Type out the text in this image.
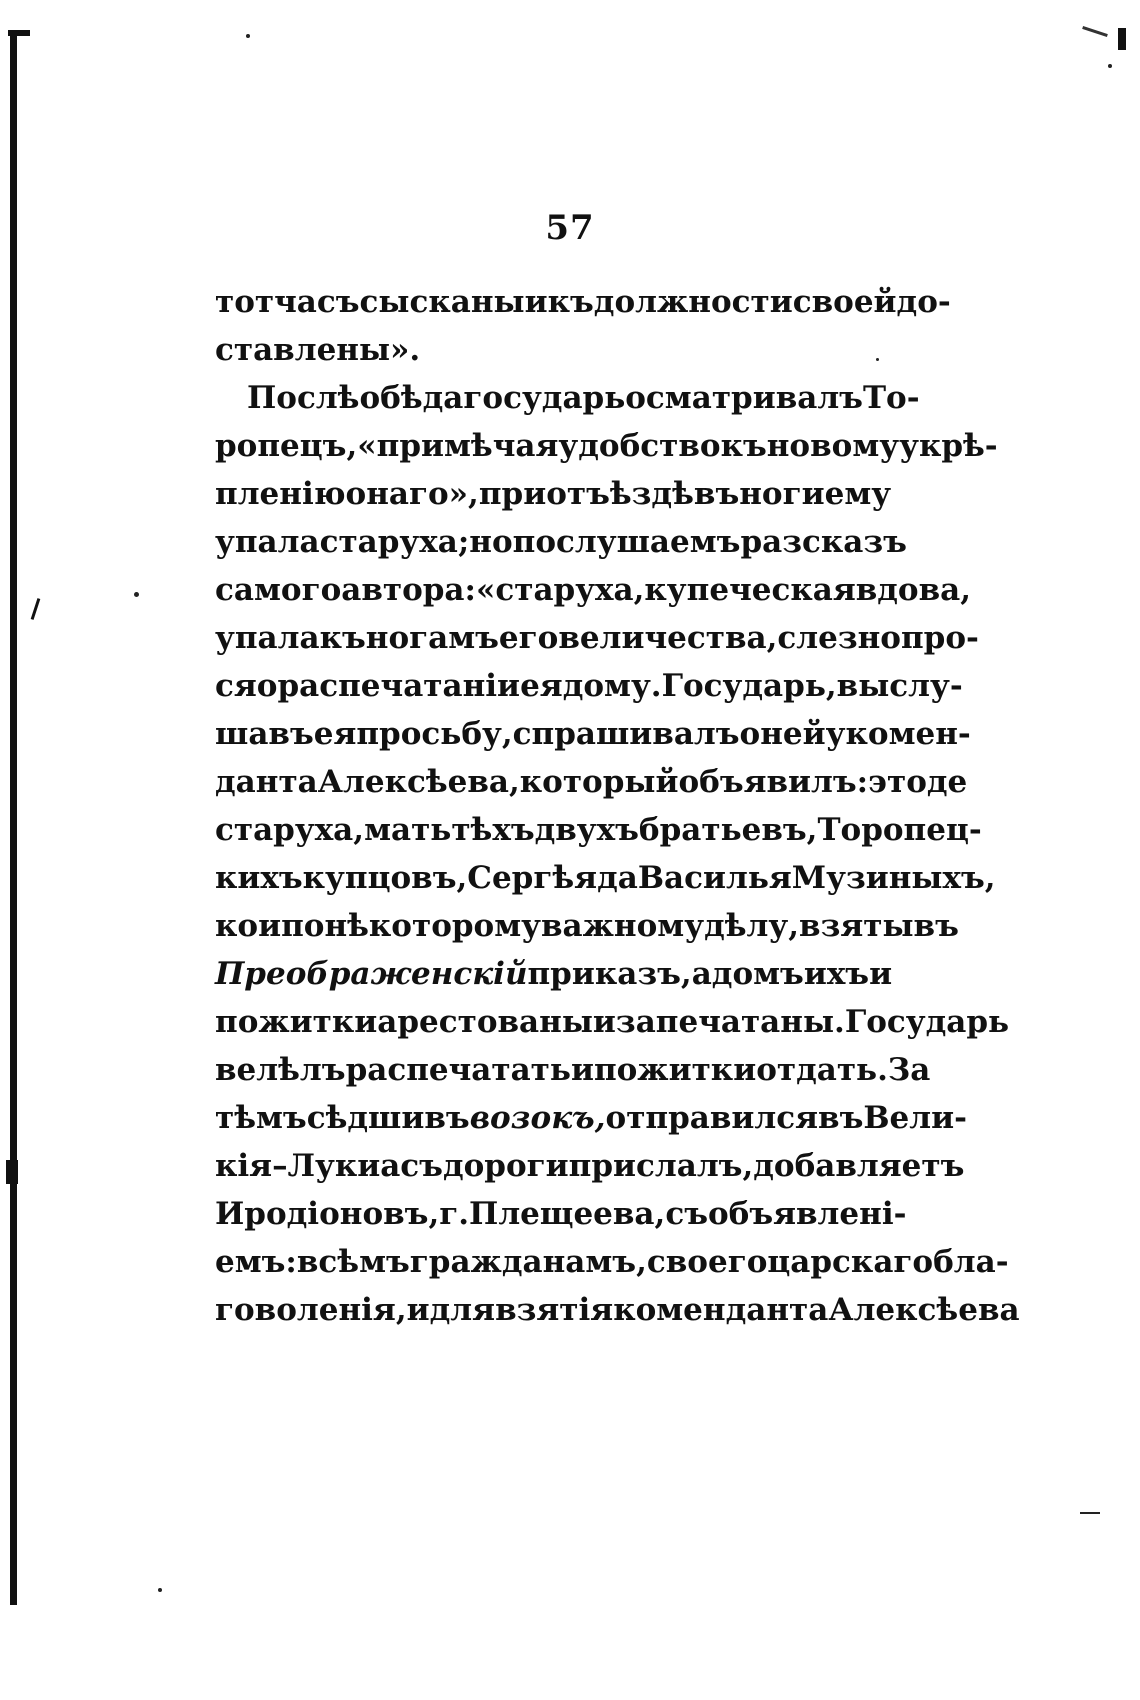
57
тотчасъ сысканы и къ должности своей до-
ставлены».
Послѣ обѣда государь осматривалъ То-
ропецъ, «примѣчая удобство къ новому укрѣ-
пленію онаго», при отъѣздѣ въ ноги ему
упала старуха ; но послушаемъ разсказъ
самого автора : «старуха, купеческая вдова,
упала къ ногамъ его величества, слезно про-
ся о распечатаніи ея дому. Государь, выслу-
шавъ ея просьбу, спрашивалъ о ней у комен-
данта Алексѣева, который объявилъ: это де
старуха, мать тѣхъ двухъ братьевъ, Торопец-
кихъ купцовъ, Сергѣя да Василья Музиныхъ,
кои по нѣкоторому важному дѣлу, взяты въ
Преображенскій приказъ, а домъ ихъ и
пожитки арестованы и запечатаны. Государь
велѣлъ распечатать и пожитки отдать. За
тѣмъ сѣдши въ возокъ, отправился въ Вели-
кія–Луки а съ дороги прислалъ, добавляетъ
Иродіоновъ, г. Плещеева, съ объявлені-
емъ: всѣмъ гражданамъ, своего царскаго бла-
говоленія, и для взятія коменданта Алексѣева
